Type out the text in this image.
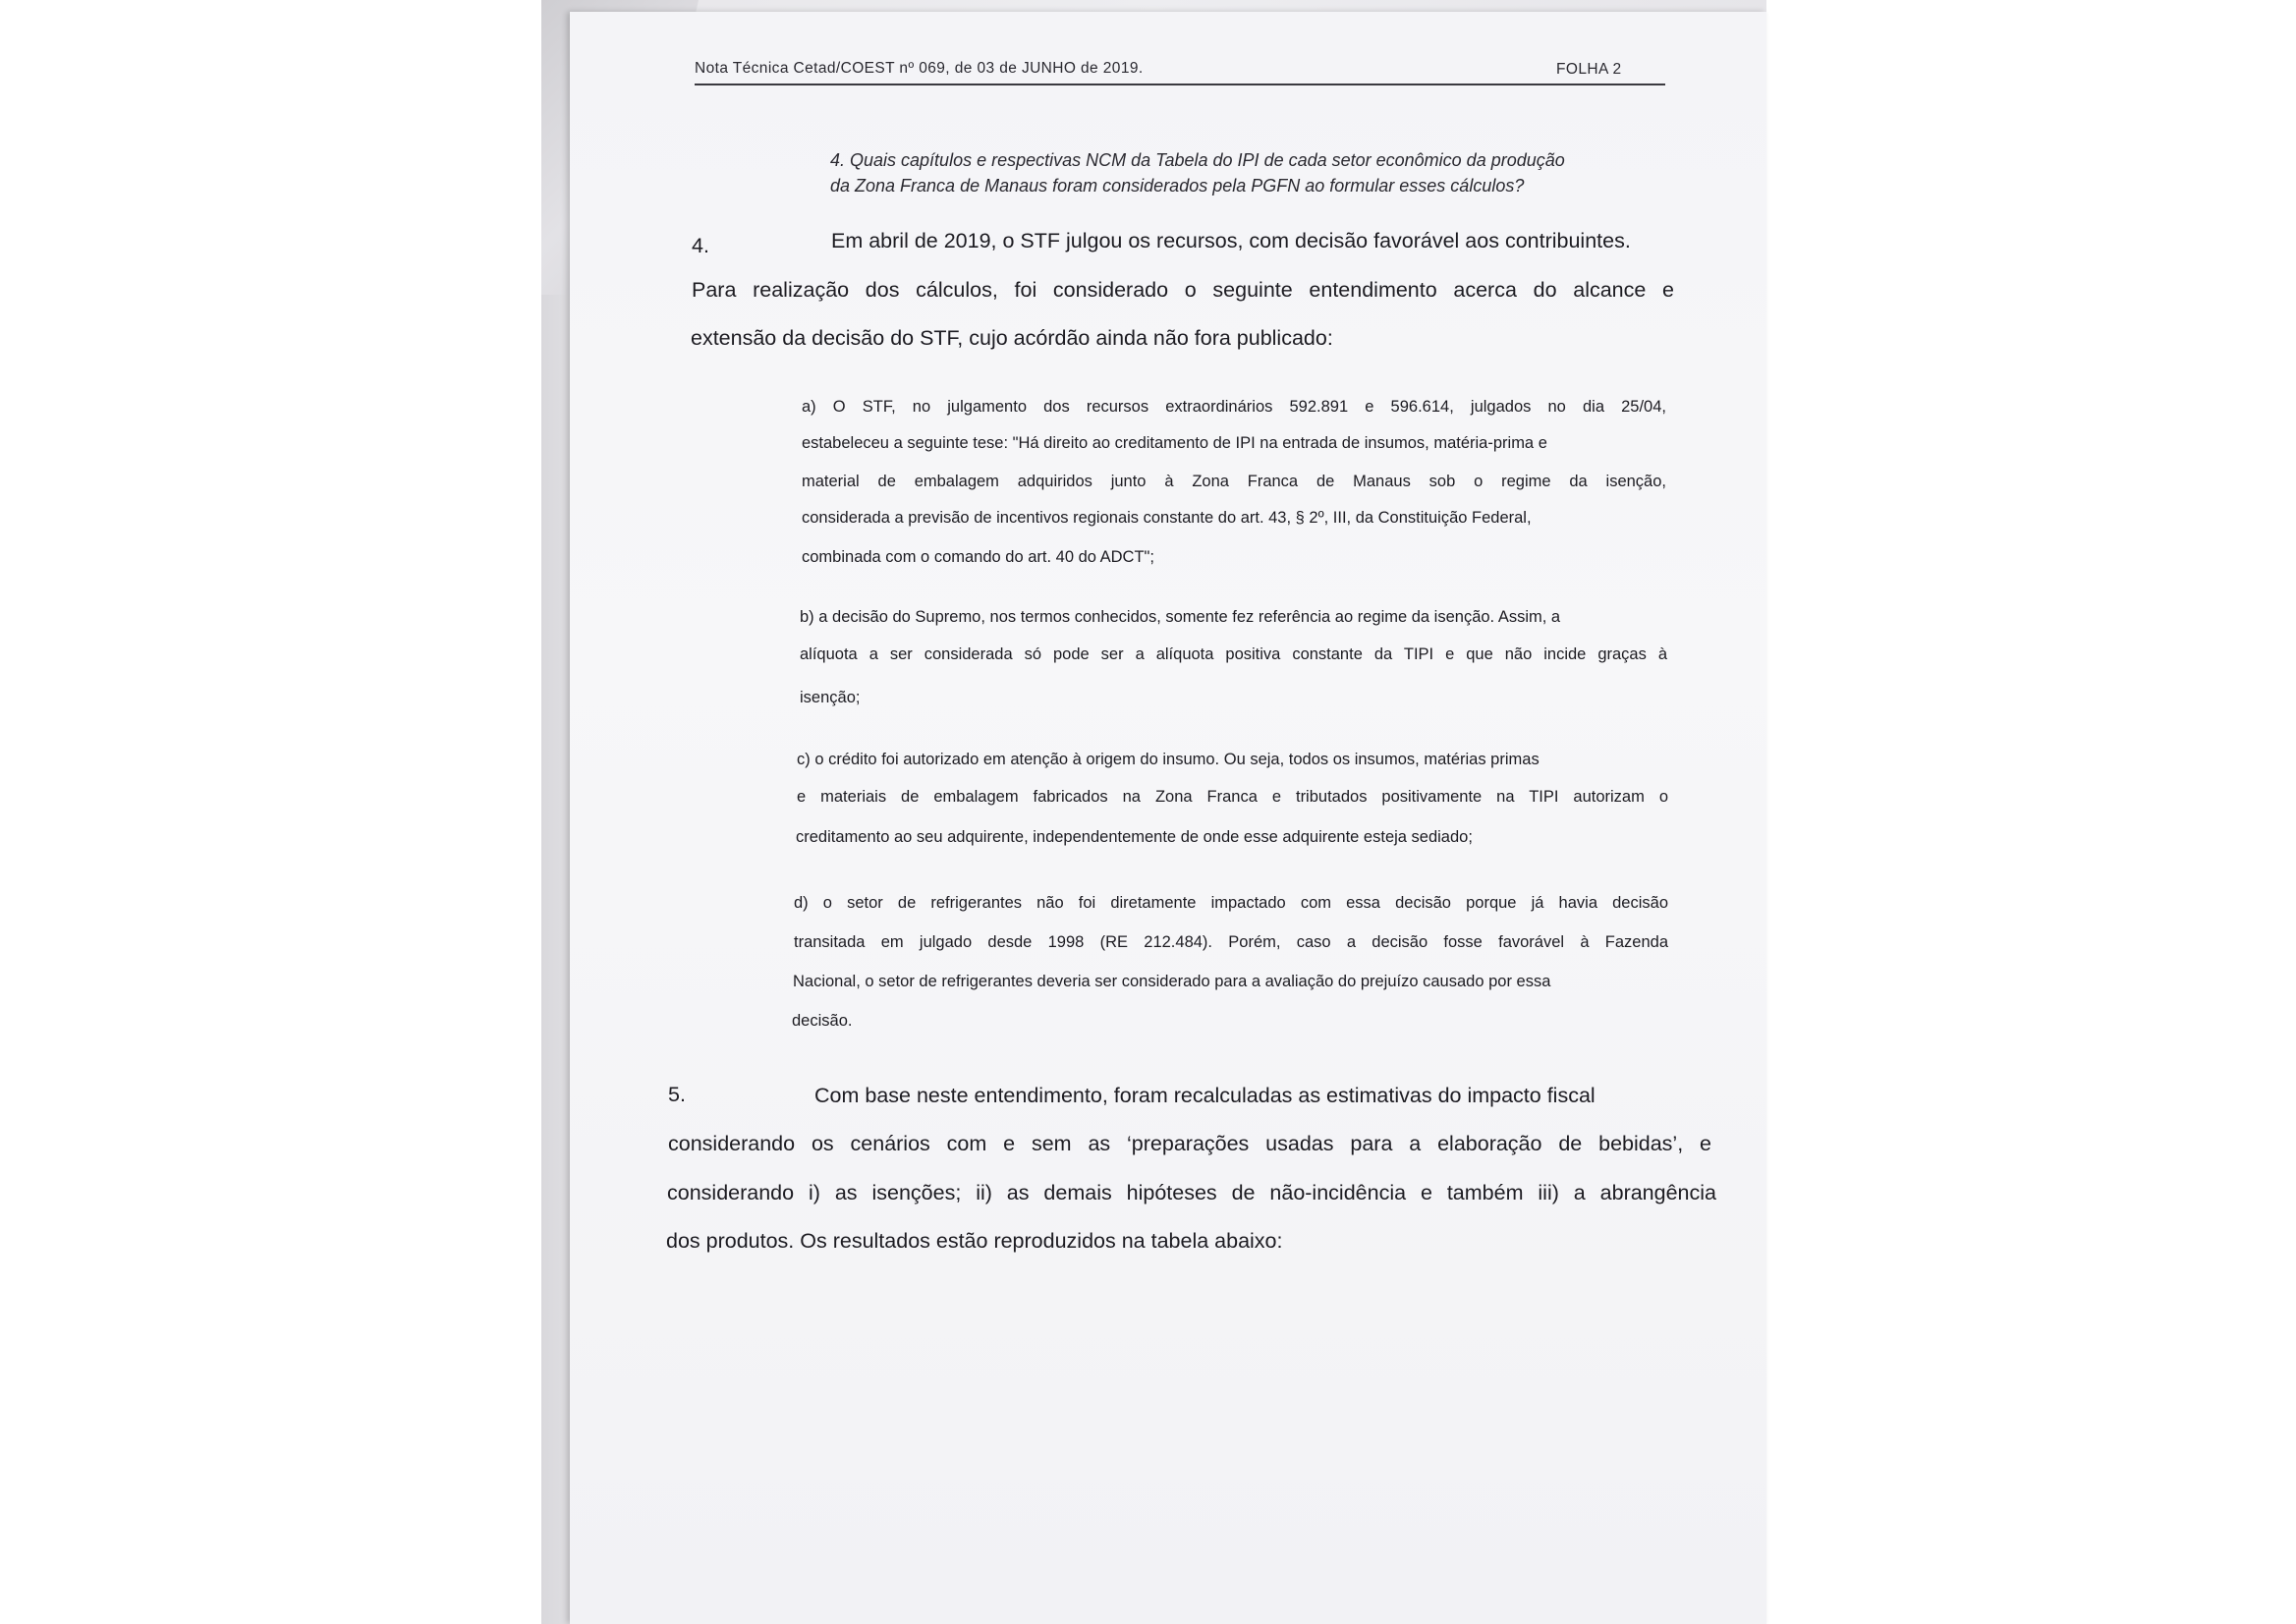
Nota Técnica Cetad/COEST nº 069, de 03 de JUNHO de 2019.	FOLHA 2
4. Quais capítulos e respectivas NCM da Tabela do IPI de cada setor econômico da produção
da Zona Franca de Manaus foram considerados pela PGFN ao formular esses cálculos?
4.	Em abril de 2019, o STF julgou os recursos, com decisão favorável aos contribuintes.
Para realização dos cálculos, foi considerado o seguinte entendimento acerca do alcance e
extensão da decisão do STF, cujo acórdão ainda não fora publicado:
a) O STF, no julgamento dos recursos extraordinários 592.891 e 596.614, julgados no dia 25/04,
estabeleceu a seguinte tese: "Há direito ao creditamento de IPI na entrada de insumos, matéria-prima e
material de embalagem adquiridos junto à Zona Franca de Manaus sob o regime da isenção,
considerada a previsão de incentivos regionais constante do art. 43, § 2º, III, da Constituição Federal,
combinada com o comando do art. 40 do ADCT";
b) a decisão do Supremo, nos termos conhecidos, somente fez referência ao regime da isenção. Assim, a
alíquota a ser considerada só pode ser a alíquota positiva constante da TIPI e que não incide graças à
isenção;
c) o crédito foi autorizado em atenção à origem do insumo. Ou seja, todos os insumos, matérias primas
e materiais de embalagem fabricados na Zona Franca e tributados positivamente na TIPI autorizam o
creditamento ao seu adquirente, independentemente de onde esse adquirente esteja sediado;
d) o setor de refrigerantes não foi diretamente impactado com essa decisão porque já havia decisão
transitada em julgado desde 1998 (RE 212.484). Porém, caso a decisão fosse favorável à Fazenda
Nacional, o setor de refrigerantes deveria ser considerado para a avaliação do prejuízo causado por essa
decisão.
5.	Com base neste entendimento, foram recalculadas as estimativas do impacto fiscal
considerando os cenários com e sem as ‘preparações usadas para a elaboração de bebidas’, e
considerando i) as isenções; ii) as demais hipóteses de não-incidência e também iii) a abrangência
dos produtos. Os resultados estão reproduzidos na tabela abaixo:
